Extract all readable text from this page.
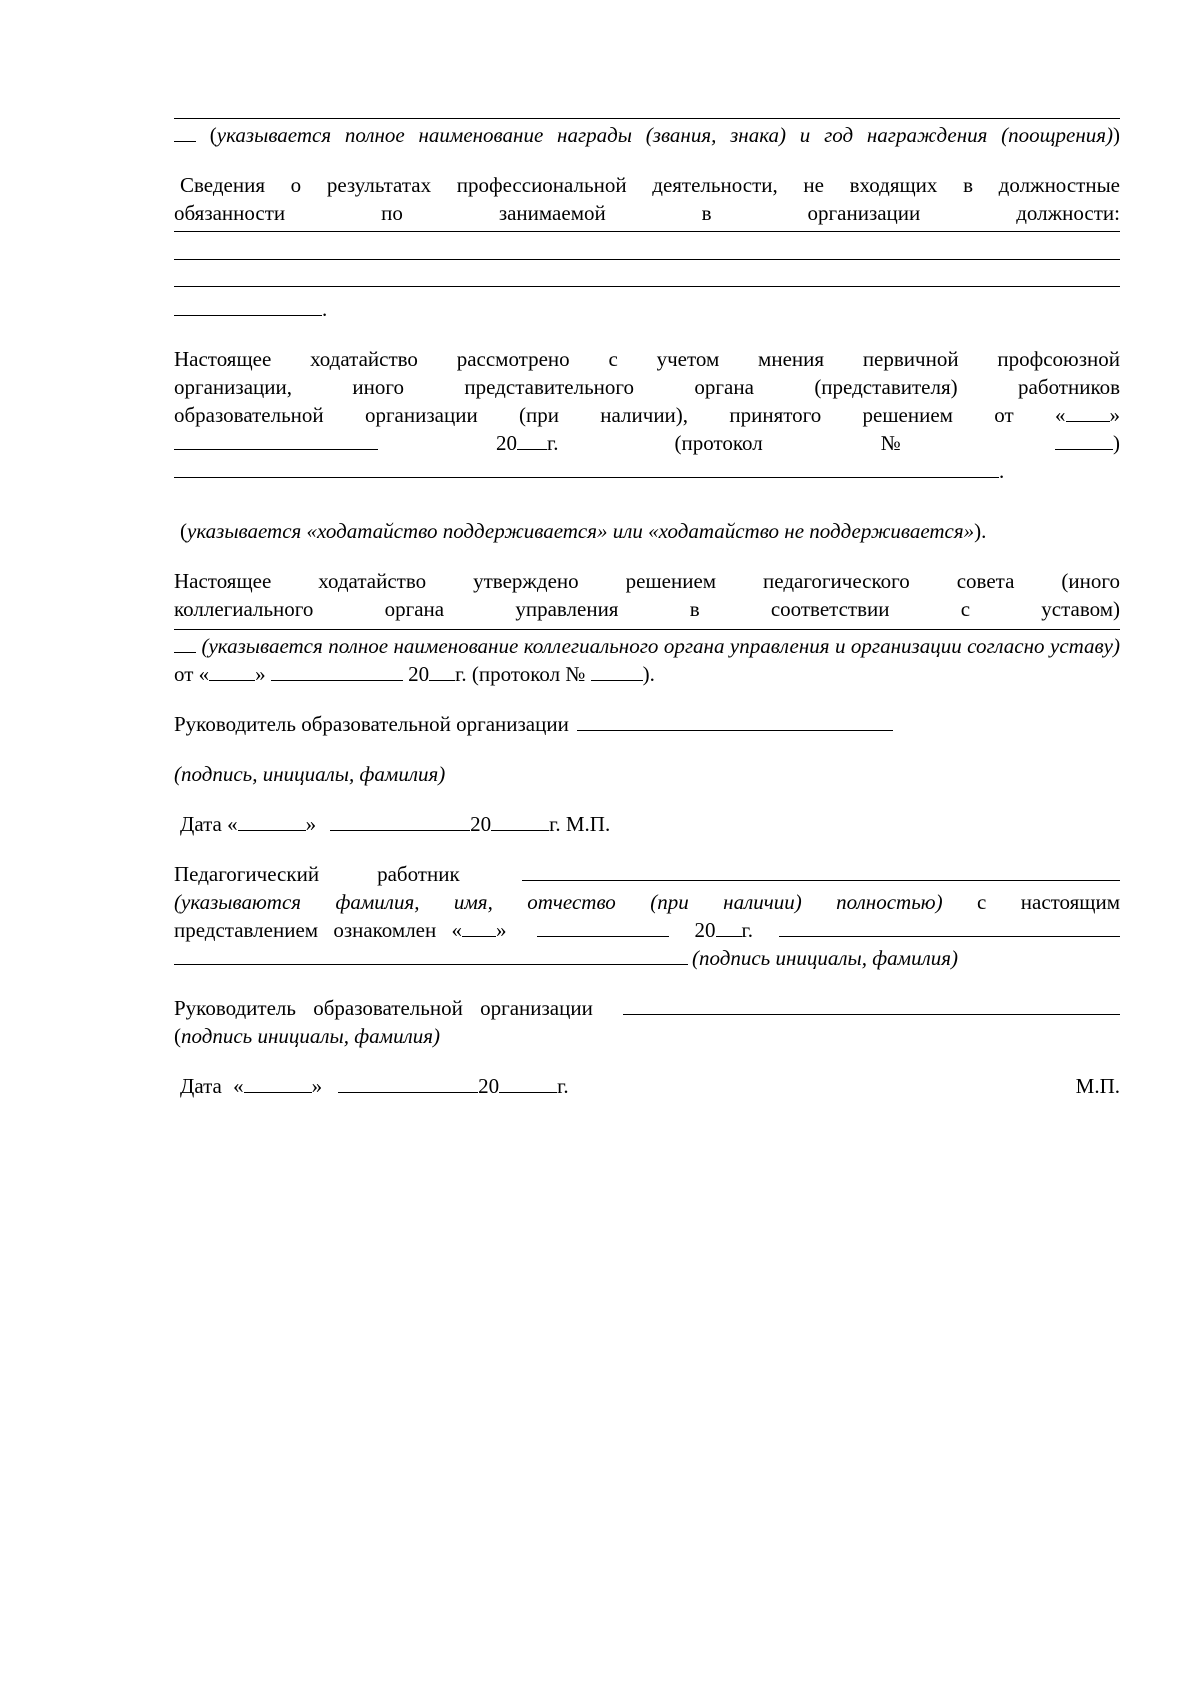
(указывается полное наименование награды (звания, знака) и год награждения (поощрения))
Сведения о результатах профессиональной деятельности, не входящих в должностные
обязанности	по	занимаемой	в	организации	должности:
.
Настоящее ходатайство рассмотрено с учетом мнения первичной профсоюзной
организации, иного представительного органа (представителя) работников
образовательной организации (при наличии), принятого решением от « »
20 г.	(протокол	№	)
.
(указывается «ходатайство поддерживается» или «ходатайство не поддерживается»).
Настоящее ходатайство утверждено решением педагогического совета (иного
коллегиального	органа	управления	в	соответствии	с	уставом)
(указывается полное наименование коллегиального органа управления и организации согласно уставу) от « »	20 г. (протокол №	).
Руководитель образовательной организации
(подпись, инициалы, фамилия)
Дата «	»	20	г. М.П.
Педагогический	работник
(указываются фамилия, имя, отчество (при наличии) полностью) с настоящим
представлением ознакомлен « »	20 г.
(подпись инициалы, фамилия)
Руководитель образовательной организации
(подпись инициалы, фамилия)
Дата «	»	20	г.	М.П.
